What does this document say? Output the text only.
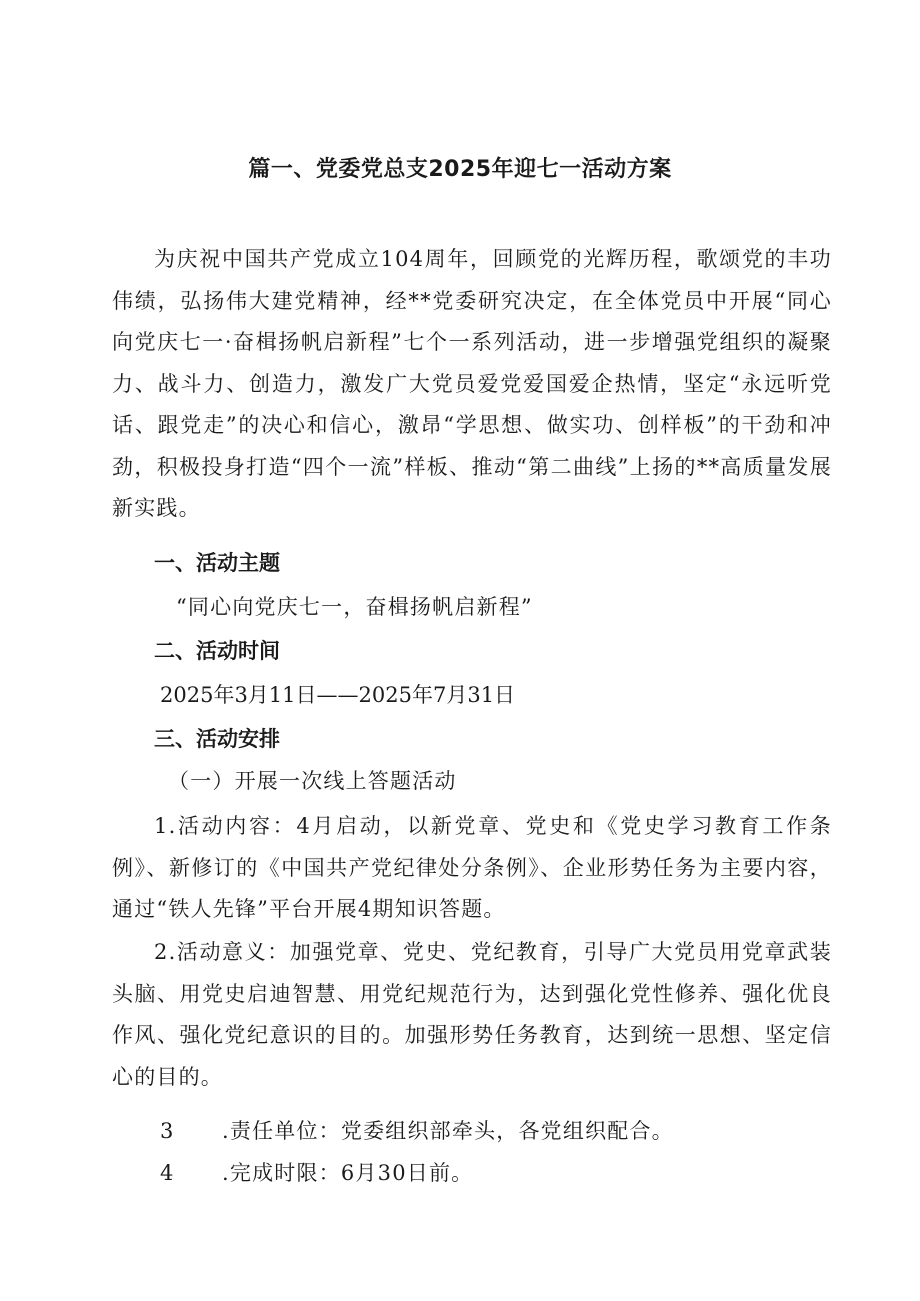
篇一、党委党总支2025年迎七一活动方案
为庆祝中国共产党成立104周年，回顾党的光辉历程，歌颂党的丰功伟绩，弘扬伟大建党精神，经**党委研究决定，在全体党员中开展“同心向党庆七一·奋楫扬帆启新程”七个一系列活动，进一步增强党组织的凝聚力、战斗力、创造力，激发广大党员爱党爱国爱企热情，坚定“永远听党话、跟党走”的决心和信心，激昂“学思想、做实功、创样板”的干劲和冲劲，积极投身打造“四个一流”样板、推动“第二曲线”上扬的**高质量发展新实践。
一、活动主题
“同心向党庆七一，奋楫扬帆启新程”
二、活动时间
2025年3月11日——2025年7月31日
三、活动安排
（一）开展一次线上答题活动
1.活动内容：4月启动，以新党章、党史和《党史学习教育工作条例》、新修订的《中国共产党纪律处分条例》、企业形势任务为主要内容，通过“铁人先锋”平台开展4期知识答题。
2.活动意义：加强党章、党史、党纪教育，引导广大党员用党章武装头脑、用党史启迪智慧、用党纪规范行为，达到强化党性修养、强化优良作风、强化党纪意识的目的。加强形势任务教育，达到统一思想、坚定信心的目的。
3 .责任单位：党委组织部牵头，各党组织配合。
4 .完成时限：6月30日前。
